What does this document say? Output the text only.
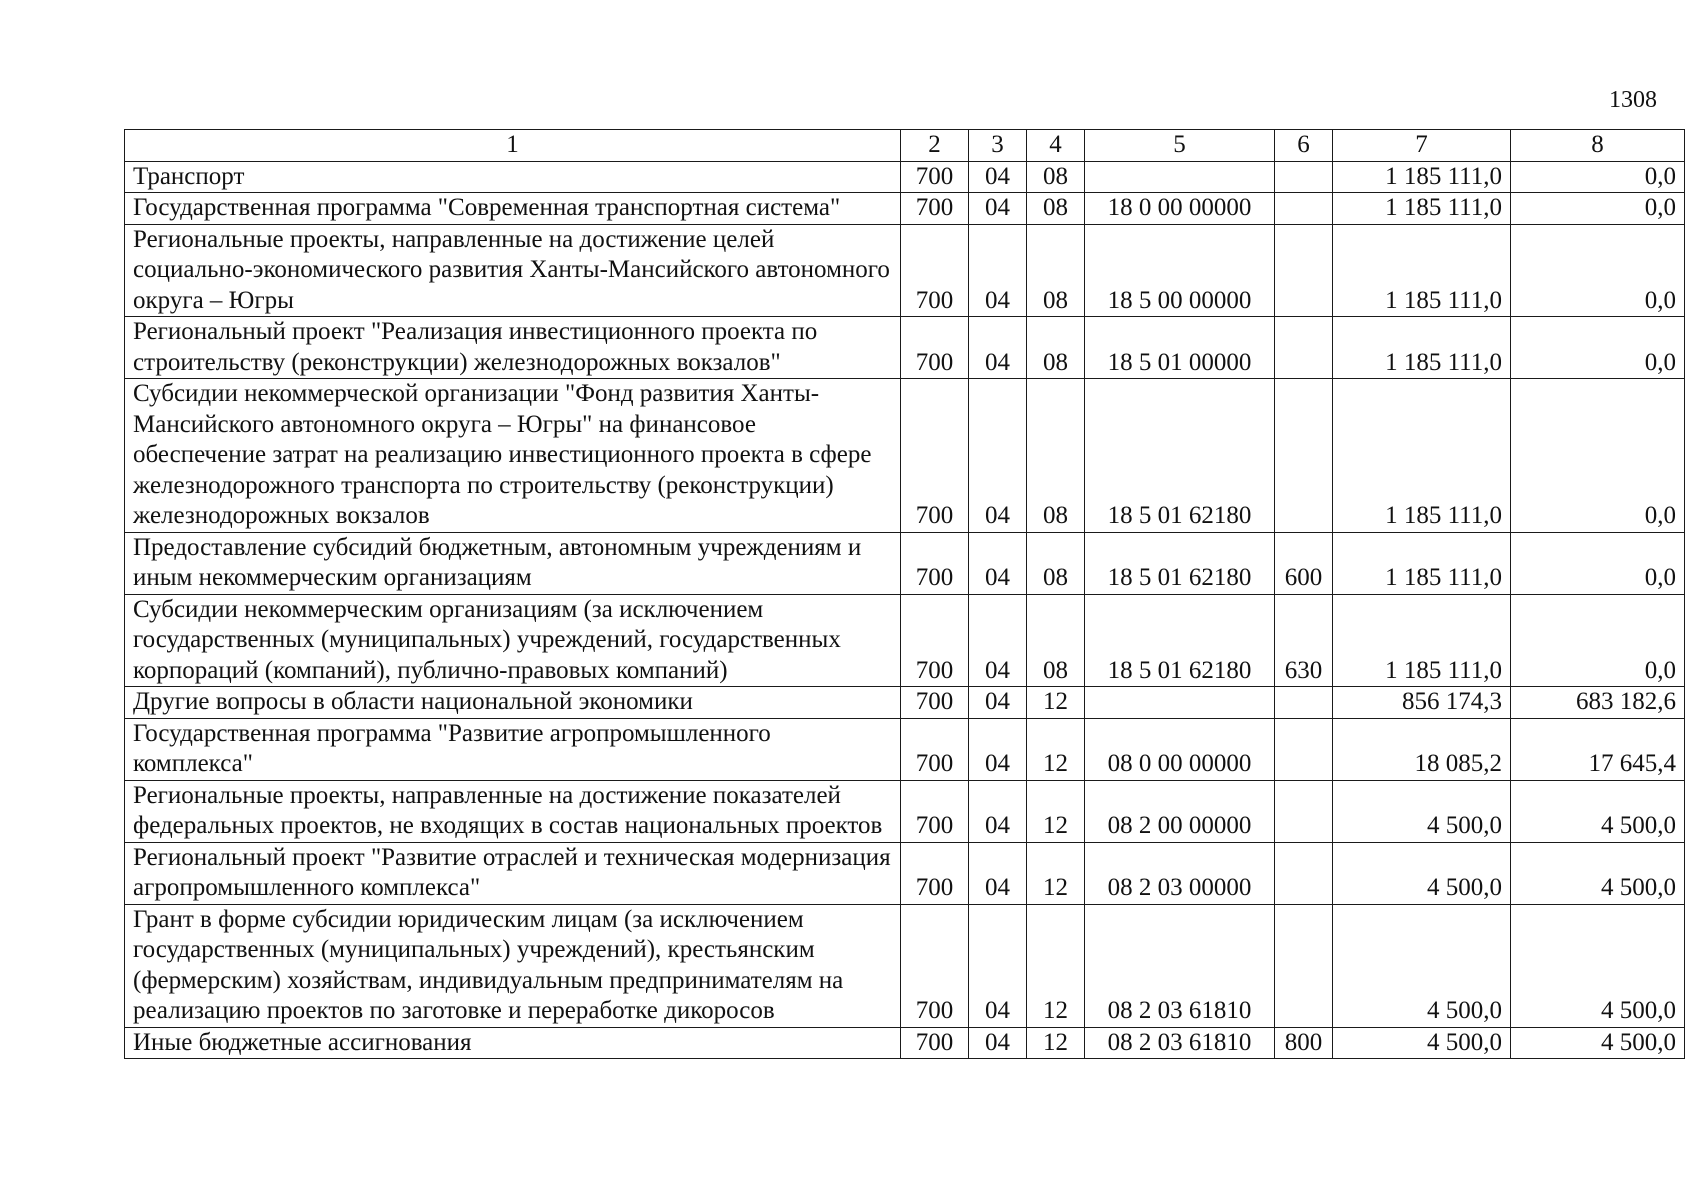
1308
1	2	3	4	5	6	7	8
Транспорт	700	04	08			1 185 111,0	0,0
Государственная программа "Современная транспортная система"	700	04	08	18 0 00 00000		1 185 111,0	0,0
Региональные проекты, направленные на достижение целей социально-экономического развития Ханты-Мансийского автономного округа – Югры	700	04	08	18 5 00 00000		1 185 111,0	0,0
Региональный проект "Реализация инвестиционного проекта по строительству (реконструкции) железнодорожных вокзалов"	700	04	08	18 5 01 00000		1 185 111,0	0,0
Субсидии некоммерческой организации "Фонд развития Ханты-Мансийского автономного округа – Югры" на финансовое обеспечение затрат на реализацию инвестиционного проекта в сфере железнодорожного транспорта по строительству (реконструкции) железнодорожных вокзалов	700	04	08	18 5 01 62180		1 185 111,0	0,0
Предоставление субсидий бюджетным, автономным учреждениям и иным некоммерческим организациям	700	04	08	18 5 01 62180	600	1 185 111,0	0,0
Субсидии некоммерческим организациям (за исключением государственных (муниципальных) учреждений, государственных корпораций (компаний), публично-правовых компаний)	700	04	08	18 5 01 62180	630	1 185 111,0	0,0
Другие вопросы в области национальной экономики	700	04	12			856 174,3	683 182,6
Государственная программа "Развитие агропромышленного комплекса"	700	04	12	08 0 00 00000		18 085,2	17 645,4
Региональные проекты, направленные на достижение показателей федеральных проектов, не входящих в состав национальных проектов	700	04	12	08 2 00 00000		4 500,0	4 500,0
Региональный проект "Развитие отраслей и техническая модернизация агропромышленного комплекса"	700	04	12	08 2 03 00000		4 500,0	4 500,0
Грант в форме субсидии юридическим лицам (за исключением государственных (муниципальных) учреждений), крестьянским (фермерским) хозяйствам, индивидуальным предпринимателям на реализацию проектов по заготовке и переработке дикоросов	700	04	12	08 2 03 61810		4 500,0	4 500,0
Иные бюджетные ассигнования	700	04	12	08 2 03 61810	800	4 500,0	4 500,0
